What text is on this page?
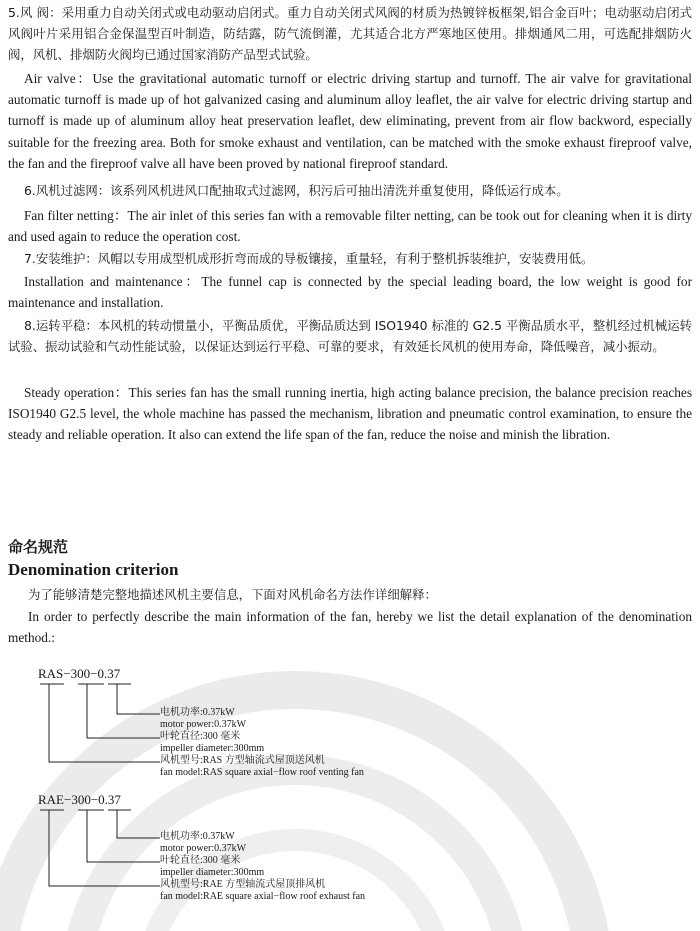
5.风 阀：采用重力自动关闭式或电动驱动启闭式。重力自动关闭式风阀的材质为热镀锌板框架,铝合金百叶；电动驱动启闭式风阀叶片采用铝合金保温型百叶制造，防结露，防气流倒灌，尤其适合北方严寒地区使用。排烟通风二用，可选配排烟防火阀，风机、排烟防火阀均已通过国家消防产品型式试验。

Air valve：Use the gravitational automatic turnoff or electric driving startup and turnoff. The air valve for gravitational automatic turnoff is made up of hot galvanized casing and aluminum alloy leaflet, the air valve for electric driving startup and turnoff is made up of aluminum alloy heat preservation leaflet, dew eliminating, prevent from air flow backword, especially suitable for the freezing area. Both for smoke exhaust and ventilation, can be matched with the smoke exhaust fireproof valve, the fan and the fireproof valve all have been proved by national fireproof standard.

6.风机过滤网：该系列风机进风口配抽取式过滤网，积污后可抽出清洗并重复使用，降低运行成本。

Fan filter netting：The air inlet of this series fan with a removable filter netting, can be took out for cleaning when it is dirty and used again to reduce the operation cost.

7.安装维护：风帽以专用成型机成形折弯而成的导板镶接，重量轻，有利于整机拆装维护，安装费用低。

Installation and maintenance：The funnel cap is connected by the special leading board, the low weight is good for maintenance and installation.

8.运转平稳：本风机的转动惯量小，平衡品质优，平衡品质达到 ISO1940 标准的 G2.5 平衡品质水平，整机经过机械运转试验、振动试验和气动性能试验，以保证达到运行平稳、可靠的要求，有效延长风机的使用寿命，降低噪音，减小振动。

Steady operation：This series fan has the small running inertia, high acting balance precision, the balance precision reaches ISO1940 G2.5 level, the whole machine has passed the mechanism, libration and pneumatic control examination, to ensure the steady and reliable operation. It also can extend the life span of the fan, reduce the noise and minish the libration.

命名规范
Denomination criterion

为了能够清楚完整地描述风机主要信息，下面对风机命名方法作详细解释：

In order to perfectly describe the main information of the fan, hereby we list the detail explanation of the denomination method.:

RAS−300−0.37
电机功率:0.37kW
motor power:0.37kW
叶轮直径:300 毫米
impeller diameter:300mm
风机型号:RAS 方型轴流式屋顶送风机
fan model:RAS square axial−flow roof venting fan
RAE−300−0.37
电机功率:0.37kW
motor power:0.37kW
叶轮直径:300 毫米
impeller diameter:300mm
风机型号:RAE 方型轴流式屋顶排风机
fan model:RAE square axial−flow roof exhaust fan
